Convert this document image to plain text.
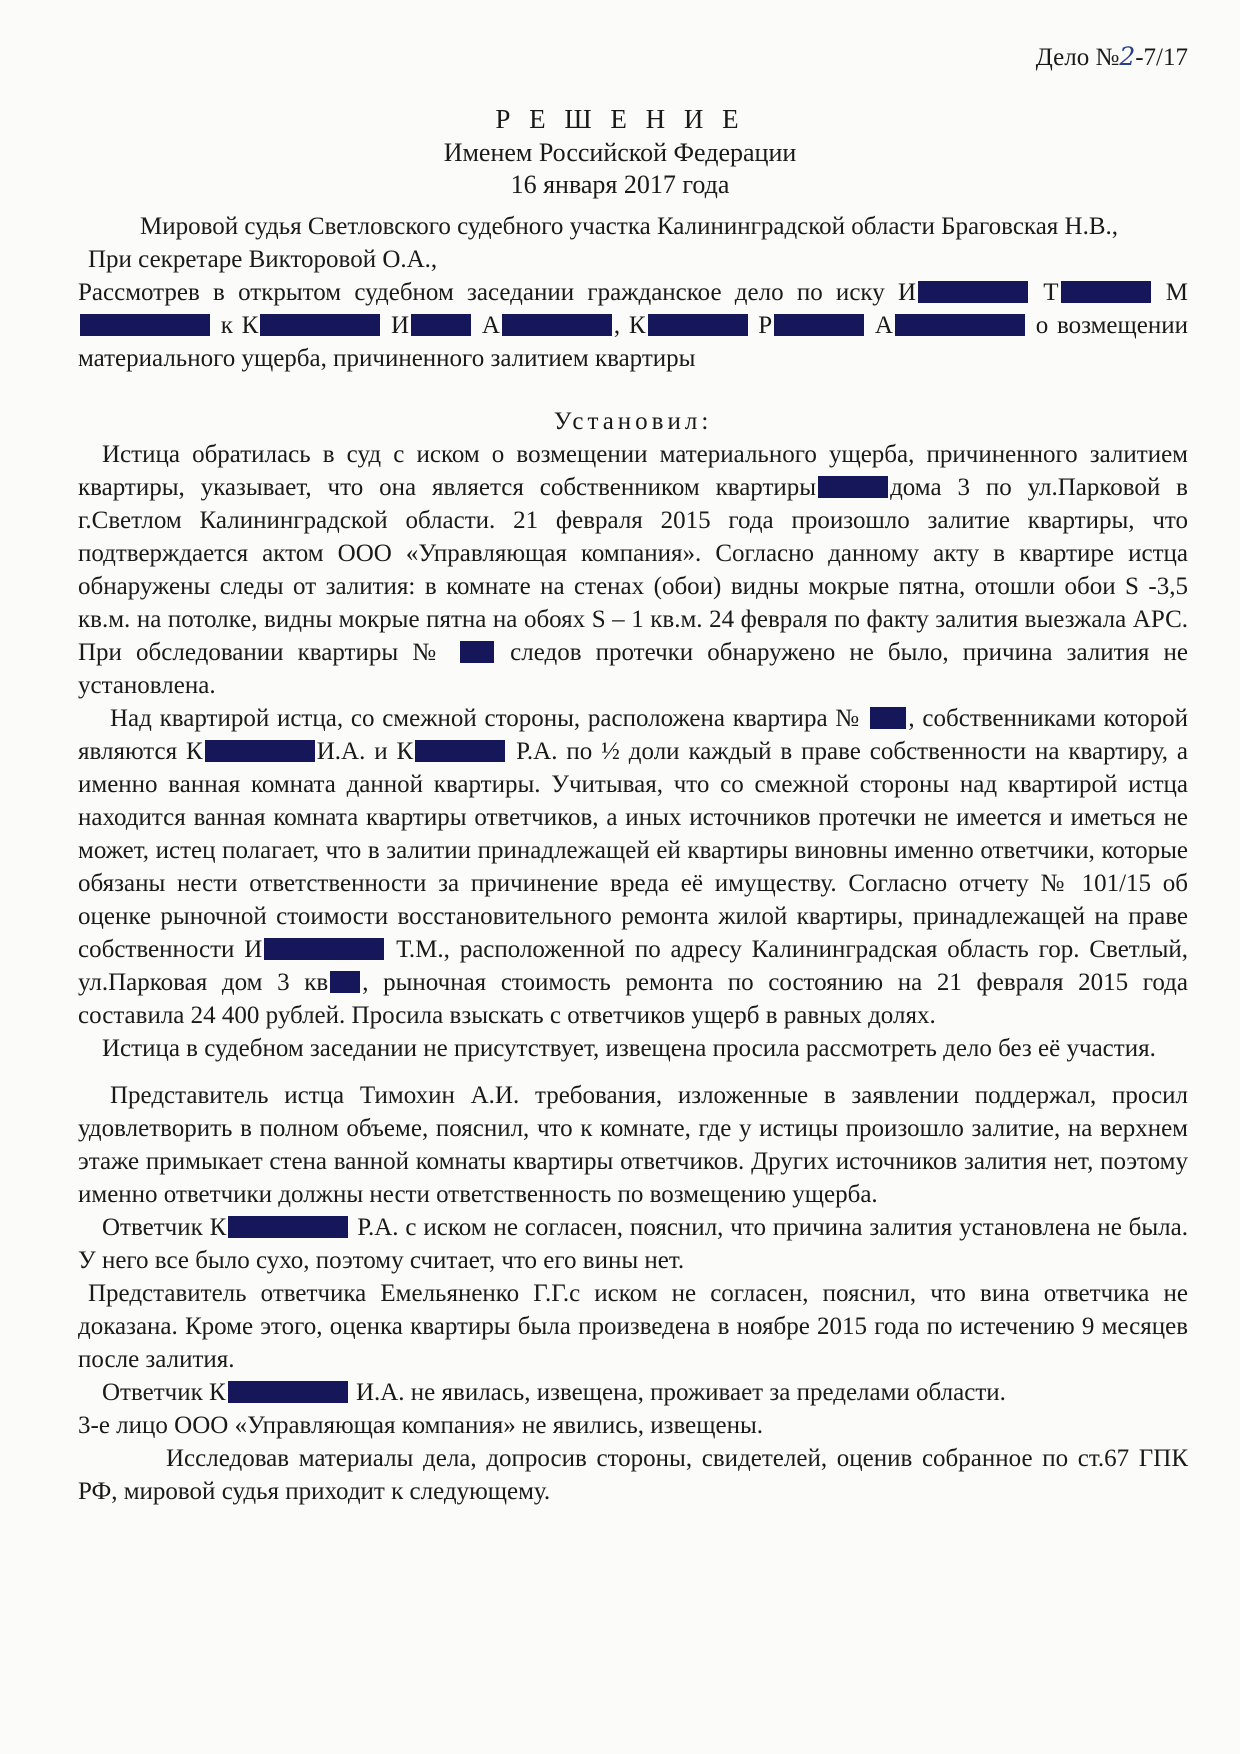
Дело №2-7/17
Р Е Ш Е Н И Е
Именем Российской Федерации
16 января 2017 года

Мировой судья Светловского судебного участка Калининградской области Браговская Н.В.,

При секретаре Викторовой О.А.,

Рассмотрев в открытом судебном заседании гражданское дело по иску И	Т	М к К	И	А	, К	Р	А	о возмещении материального ущерба, причиненного залитием квартиры

Установил:

Истица обратилась в суд с иском о возмещении материального ущерба, причиненного залитием квартиры, указывает, что она является собственником квартиры	дома 3 по ул.Парковой в г.Светлом Калининградской области. 21 февраля 2015 года произошло залитие квартиры, что подтверждается актом ООО «Управляющая компания». Согласно данному акту в квартире истца обнаружены следы от залития: в комнате на стенах (обои) видны мокрые пятна, отошли обои S -3,5 кв.м. на потолке, видны мокрые пятна на обоях S – 1 кв.м. 24 февраля по факту залития выезжала АРС. При обследовании квартиры №	следов протечки обнаружено не было, причина залития не установлена.

Над квартирой истца, со смежной стороны, расположена квартира № , собственниками которой являются К	И.А. и К	Р.А. по ½ доли каждый в праве собственности на квартиру, а именно ванная комната данной квартиры. Учитывая, что со смежной стороны над квартирой истца находится ванная комната квартиры ответчиков, а иных источников протечки не имеется и иметься не может, истец полагает, что в залитии принадлежащей ей квартиры виновны именно ответчики, которые обязаны нести ответственности за причинение вреда её имуществу. Согласно отчету № 101/15 об оценке рыночной стоимости восстановительного ремонта жилой квартиры, принадлежащей на праве собственности И	Т.М., расположенной по адресу Калининградская область гор. Светлый, ул.Парковая дом 3 кв , рыночная стоимость ремонта по состоянию на 21 февраля 2015 года составила 24 400 рублей. Просила взыскать с ответчиков ущерб в равных долях.

Истица в судебном заседании не присутствует, извещена просила рассмотреть дело без её участия.

Представитель истца Тимохин А.И. требования, изложенные в заявлении поддержал, просил удовлетворить в полном объеме, пояснил, что к комнате, где у истицы произошло залитие, на верхнем этаже примыкает стена ванной комнаты квартиры ответчиков. Других источников залития нет, поэтому именно ответчики должны нести ответственность по возмещению ущерба.

Ответчик К	Р.А. с иском не согласен, пояснил, что причина залития установлена не была. У него все было сухо, поэтому считает, что его вины нет.

Представитель ответчика Емельяненко Г.Г.с иском не согласен, пояснил, что вина ответчика не доказана. Кроме этого, оценка квартиры была произведена в ноябре 2015 года по истечению 9 месяцев после залития.

Ответчик К	И.А. не явилась, извещена, проживает за пределами области.

3-е лицо ООО «Управляющая компания» не явились, извещены.

Исследовав материалы дела, допросив стороны, свидетелей, оценив собранное по ст.67 ГПК РФ, мировой судья приходит к следующему.
